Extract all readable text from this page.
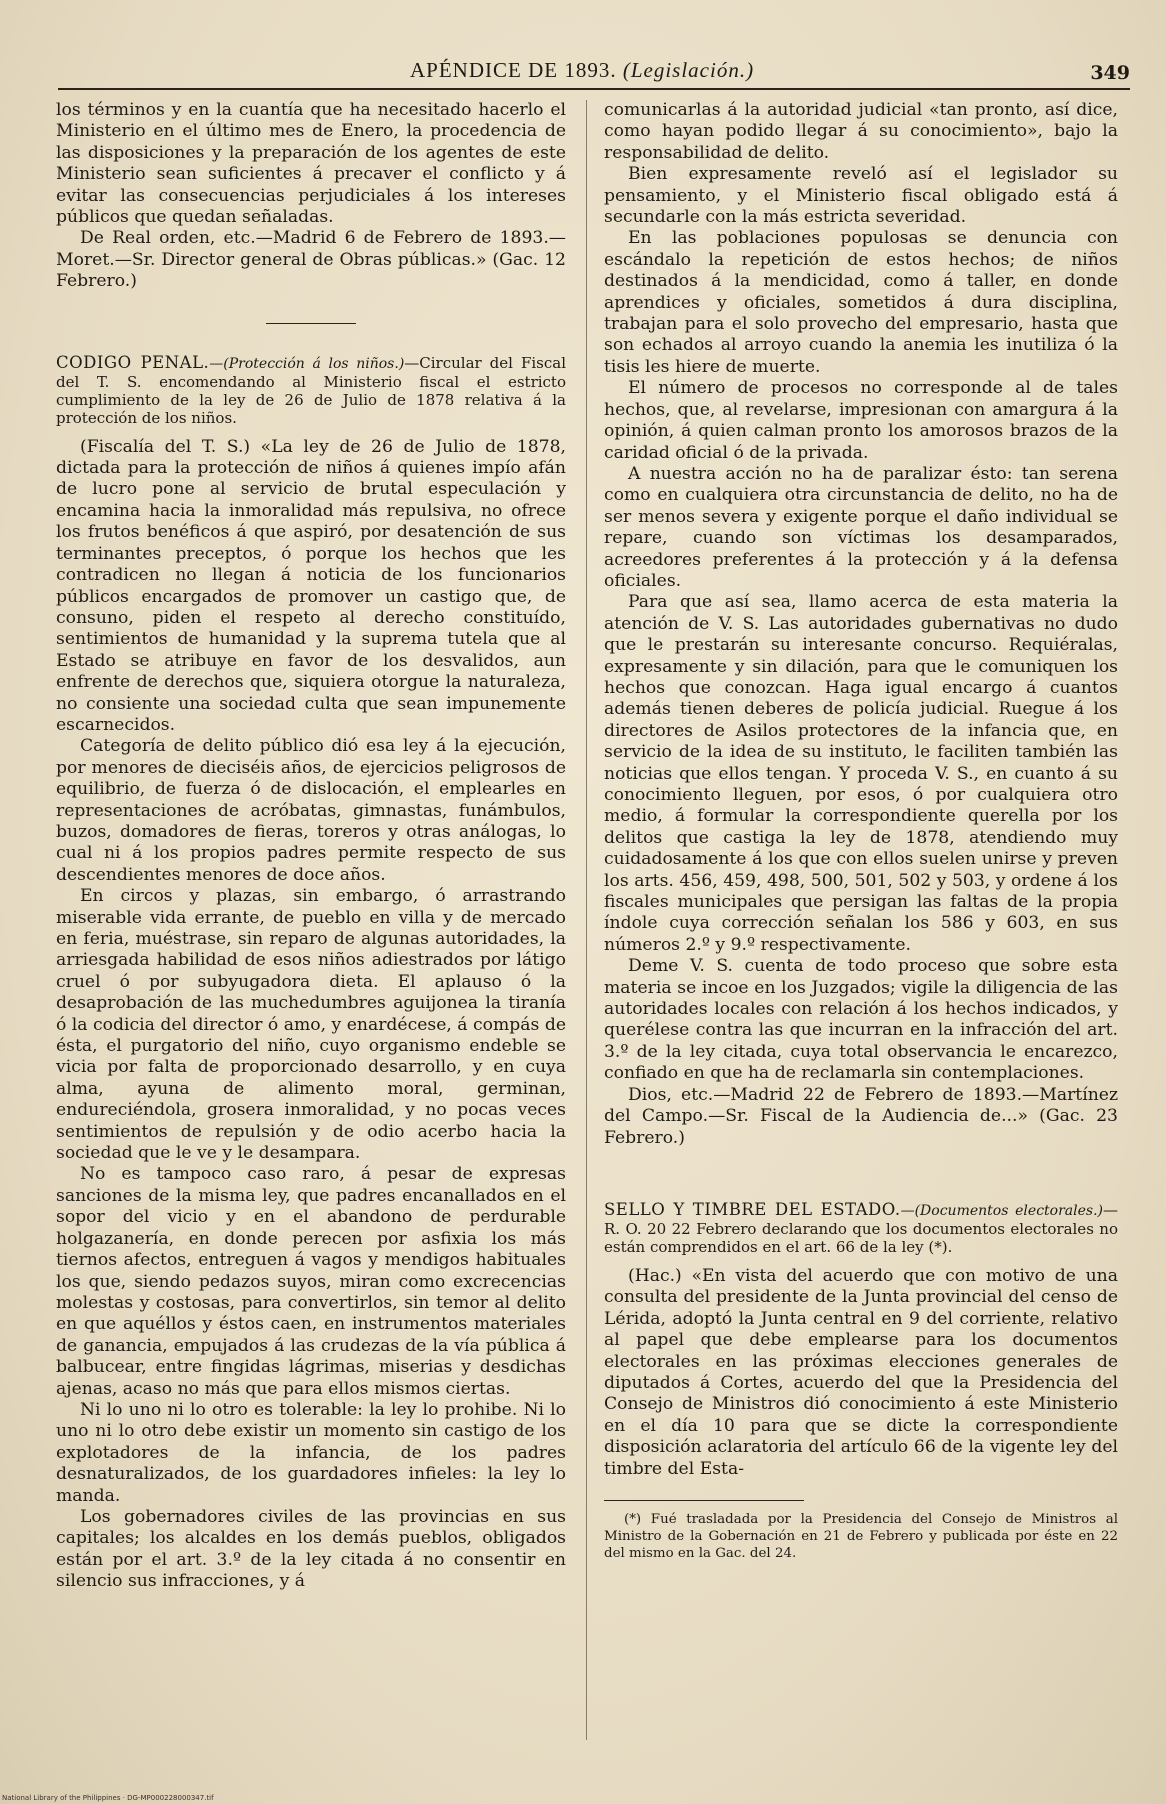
APÉNDICE DE 1893. (Legislación.)	349

los términos y en la cuantía que ha necesitado hacerlo el Ministerio en el último mes de Enero, la procedencia de las disposiciones y la preparación de los agentes de este Ministerio sean suficientes á precaver el conflicto y á evitar las consecuencias perjudiciales á los intereses públicos que quedan señaladas.

De Real orden, etc.—Madrid 6 de Febrero de 1893.—Moret.—Sr. Director general de Obras públicas.» (Gac. 12 Febrero.)

CODIGO PENAL.—(Protección á los niños.)—Circular del Fiscal del T. S. encomendando al Ministerio fiscal el estricto cumplimiento de la ley de 26 de Julio de 1878 relativa á la protección de los niños.

(Fiscalía del T. S.) «La ley de 26 de Julio de 1878, dictada para la protección de niños á quienes impío afán de lucro pone al servicio de brutal especulación y encamina hacia la inmoralidad más repulsiva, no ofrece los frutos benéficos á que aspiró, por desatención de sus terminantes preceptos, ó porque los hechos que les contradicen no llegan á noticia de los funcionarios públicos encargados de promover un castigo que, de consuno, piden el respeto al derecho constituído, sentimientos de humanidad y la suprema tutela que al Estado se atribuye en favor de los desvalidos, aun enfrente de derechos que, siquiera otorgue la naturaleza, no consiente una sociedad culta que sean impunemente escarnecidos.

Categoría de delito público dió esa ley á la ejecución, por menores de dieciséis años, de ejercicios peligrosos de equilibrio, de fuerza ó de dislocación, el emplearles en representaciones de acróbatas, gimnastas, funámbulos, buzos, domadores de fieras, toreros y otras análogas, lo cual ni á los propios padres permite respecto de sus descendientes menores de doce años.

En circos y plazas, sin embargo, ó arrastrando miserable vida errante, de pueblo en villa y de mercado en feria, muéstrase, sin reparo de algunas autoridades, la arriesgada habilidad de esos niños adiestrados por látigo cruel ó por subyugadora dieta. El aplauso ó la desaprobación de las muchedumbres aguijonea la tiranía ó la codicia del director ó amo, y enardécese, á compás de ésta, el purgatorio del niño, cuyo organismo endeble se vicia por falta de proporcionado desarrollo, y en cuya alma, ayuna de alimento moral, germinan, endureciéndola, grosera inmoralidad, y no pocas veces sentimientos de repulsión y de odio acerbo hacia la sociedad que le ve y le desampara.

No es tampoco caso raro, á pesar de expresas sanciones de la misma ley, que padres encanallados en el sopor del vicio y en el abandono de perdurable holgazanería, en donde perecen por asfixia los más tiernos afectos, entreguen á vagos y mendigos habituales los que, siendo pedazos suyos, miran como excrecencias molestas y costosas, para convertirlos, sin temor al delito en que aquéllos y éstos caen, en instrumentos materiales de ganancia, empujados á las crudezas de la vía pública á balbucear, entre fingidas lágrimas, miserias y desdichas ajenas, acaso no más que para ellos mismos ciertas.

Ni lo uno ni lo otro es tolerable: la ley lo prohibe. Ni lo uno ni lo otro debe existir un momento sin castigo de los explotadores de la infancia, de los padres desnaturalizados, de los guardadores infieles: la ley lo manda.

Los gobernadores civiles de las provincias en sus capitales; los alcaldes en los demás pueblos, obligados están por el art. 3.º de la ley citada á no consentir en silencio sus infracciones, y á

comunicarlas á la autoridad judicial «tan pronto, así dice, como hayan podido llegar á su conocimiento», bajo la responsabilidad de delito.

Bien expresamente reveló así el legislador su pensamiento, y el Ministerio fiscal obligado está á secundarle con la más estricta severidad.

En las poblaciones populosas se denuncia con escándalo la repetición de estos hechos; de niños destinados á la mendicidad, como á taller, en donde aprendices y oficiales, sometidos á dura disciplina, trabajan para el solo provecho del empresario, hasta que son echados al arroyo cuando la anemia les inutiliza ó la tisis les hiere de muerte.

El número de procesos no corresponde al de tales hechos, que, al revelarse, impresionan con amargura á la opinión, á quien calman pronto los amorosos brazos de la caridad oficial ó de la privada.

A nuestra acción no ha de paralizar ésto: tan serena como en cualquiera otra circunstancia de delito, no ha de ser menos severa y exigente porque el daño individual se repare, cuando son víctimas los desamparados, acreedores preferentes á la protección y á la defensa oficiales.

Para que así sea, llamo acerca de esta materia la atención de V. S. Las autoridades gubernativas no dudo que le prestarán su interesante concurso. Requiéralas, expresamente y sin dilación, para que le comuniquen los hechos que conozcan. Haga igual encargo á cuantos además tienen deberes de policía judicial. Ruegue á los directores de Asilos protectores de la infancia que, en servicio de la idea de su instituto, le faciliten también las noticias que ellos tengan. Y proceda V. S., en cuanto á su conocimiento lleguen, por esos, ó por cualquiera otro medio, á formular la correspondiente querella por los delitos que castiga la ley de 1878, atendiendo muy cuidadosamente á los que con ellos suelen unirse y preven los arts. 456, 459, 498, 500, 501, 502 y 503, y ordene á los fiscales municipales que persigan las faltas de la propia índole cuya corrección señalan los 586 y 603, en sus números 2.º y 9.º respectivamente.

Deme V. S. cuenta de todo proceso que sobre esta materia se incoe en los Juzgados; vigile la diligencia de las autoridades locales con relación á los hechos indicados, y querélese contra las que incurran en la infracción del art. 3.º de la ley citada, cuya total observancia le encarezco, confiado en que ha de reclamarla sin contemplaciones.

Dios, etc.—Madrid 22 de Febrero de 1893.—Martínez del Campo.—Sr. Fiscal de la Audiencia de...» (Gac. 23 Febrero.)

SELLO Y TIMBRE DEL ESTADO.—(Documentos electorales.)—R. O. 20 22 Febrero declarando que los documentos electorales no están comprendidos en el art. 66 de la ley (*).

(Hac.) «En vista del acuerdo que con motivo de una consulta del presidente de la Junta provincial del censo de Lérida, adoptó la Junta central en 9 del corriente, relativo al papel que debe emplearse para los documentos electorales en las próximas elecciones generales de diputados á Cortes, acuerdo del que la Presidencia del Consejo de Ministros dió conocimiento á este Ministerio en el día 10 para que se dicte la correspondiente disposición aclaratoria del artículo 66 de la vigente ley del timbre del Esta-

(*) Fué trasladada por la Presidencia del Consejo de Ministros al Ministro de la Gobernación en 21 de Febrero y publicada por éste en 22 del mismo en la Gac. del 24.

National Library of the Philippines · DG-MP000228000347.tif
